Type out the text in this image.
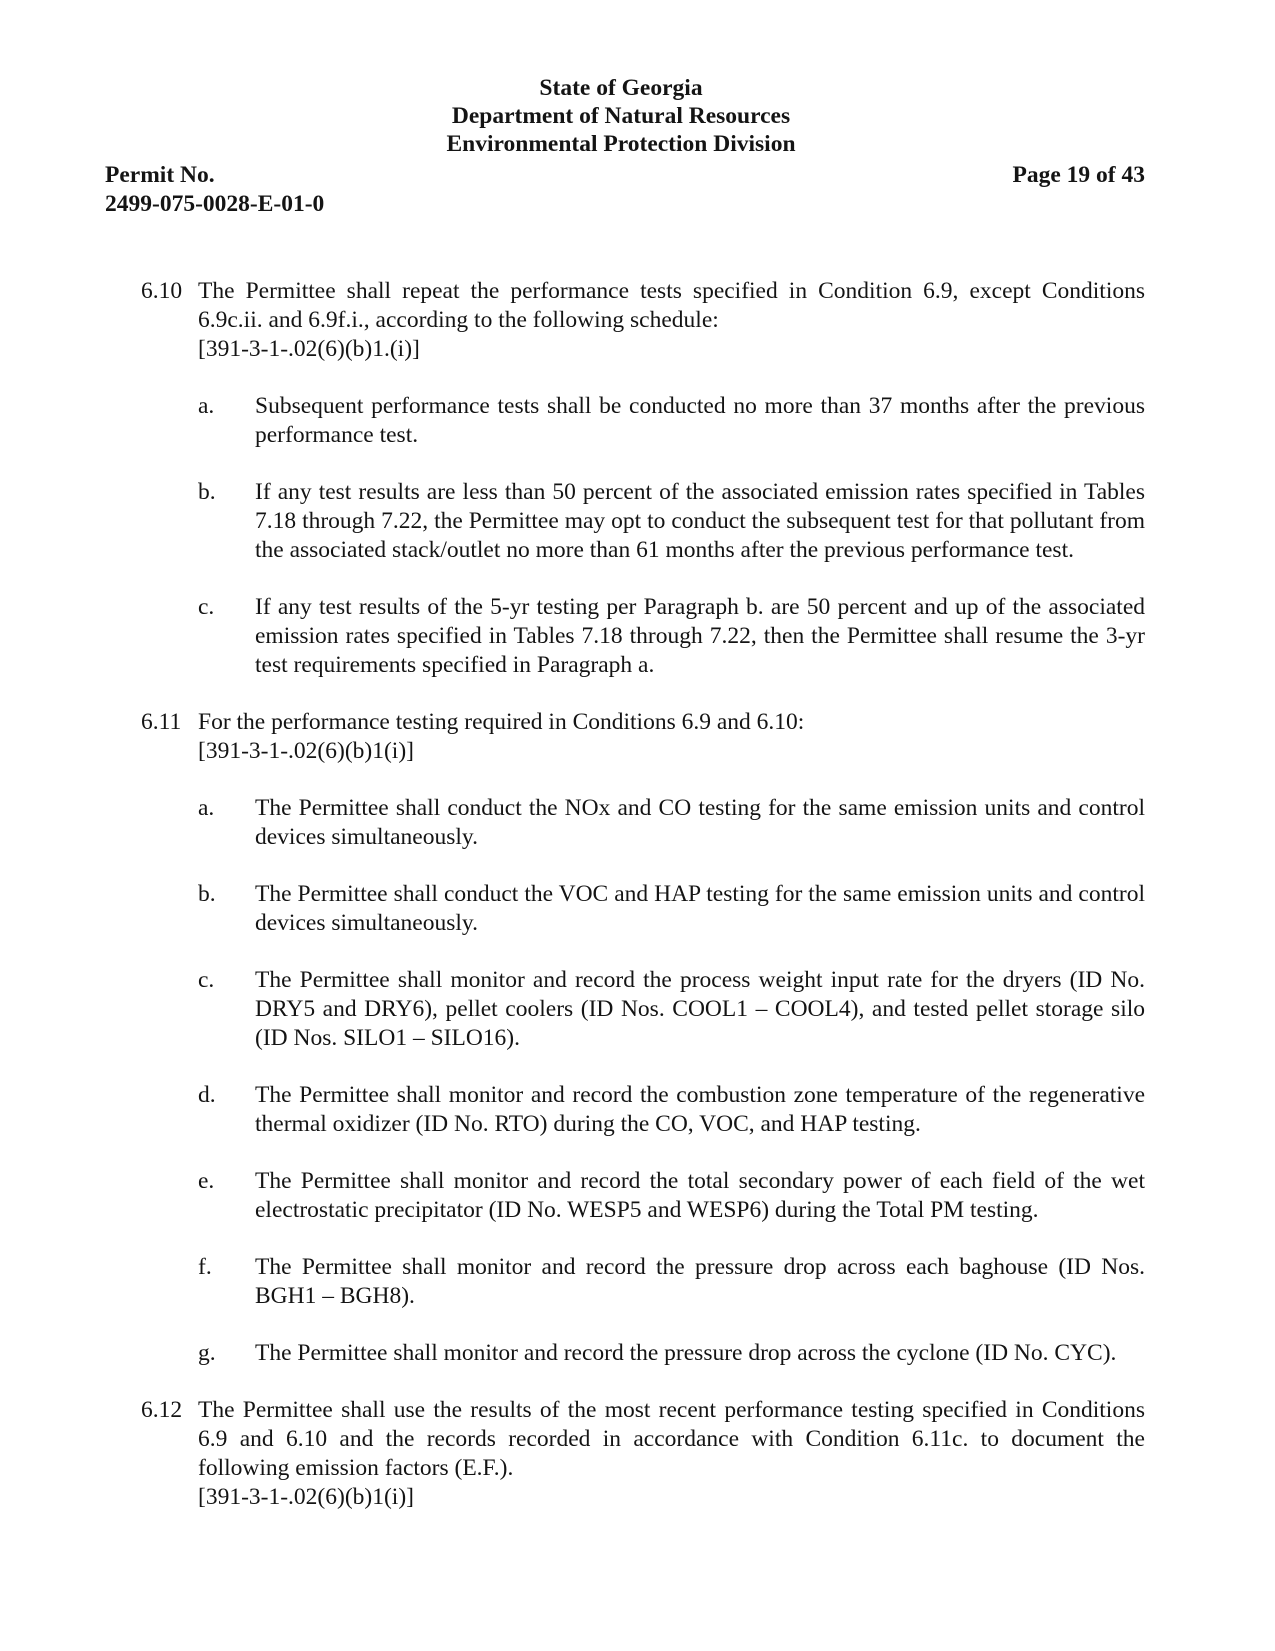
State of Georgia
Department of Natural Resources
Environmental Protection Division
Permit No.
2499-075-0028-E-01-0
Page 19 of 43
6.10 The Permittee shall repeat the performance tests specified in Condition 6.9, except Conditions 6.9c.ii. and 6.9f.i., according to the following schedule:
[391-3-1-.02(6)(b)1.(i)]
a. Subsequent performance tests shall be conducted no more than 37 months after the previous performance test.
b. If any test results are less than 50 percent of the associated emission rates specified in Tables 7.18 through 7.22, the Permittee may opt to conduct the subsequent test for that pollutant from the associated stack/outlet no more than 61 months after the previous performance test.
c. If any test results of the 5-yr testing per Paragraph b. are 50 percent and up of the associated emission rates specified in Tables 7.18 through 7.22, then the Permittee shall resume the 3-yr test requirements specified in Paragraph a.
6.11 For the performance testing required in Conditions 6.9 and 6.10:
[391-3-1-.02(6)(b)1(i)]
a. The Permittee shall conduct the NOx and CO testing for the same emission units and control devices simultaneously.
b. The Permittee shall conduct the VOC and HAP testing for the same emission units and control devices simultaneously.
c. The Permittee shall monitor and record the process weight input rate for the dryers (ID No. DRY5 and DRY6), pellet coolers (ID Nos. COOL1 – COOL4), and tested pellet storage silo (ID Nos. SILO1 – SILO16).
d. The Permittee shall monitor and record the combustion zone temperature of the regenerative thermal oxidizer (ID No. RTO) during the CO, VOC, and HAP testing.
e. The Permittee shall monitor and record the total secondary power of each field of the wet electrostatic precipitator (ID No. WESP5 and WESP6) during the Total PM testing.
f. The Permittee shall monitor and record the pressure drop across each baghouse (ID Nos. BGH1 – BGH8).
g. The Permittee shall monitor and record the pressure drop across the cyclone (ID No. CYC).
6.12 The Permittee shall use the results of the most recent performance testing specified in Conditions 6.9 and 6.10 and the records recorded in accordance with Condition 6.11c. to document the following emission factors (E.F.).
[391-3-1-.02(6)(b)1(i)]
